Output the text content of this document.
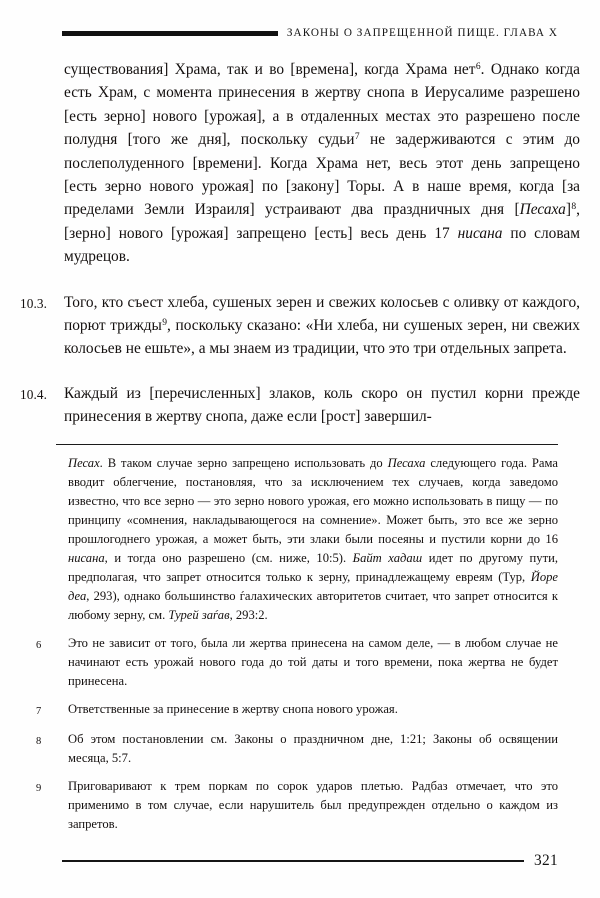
ЗАКОНЫ О ЗАПРЕЩЕННОЙ ПИЩЕ. ГЛАВА X
существования] Храма, так и во [времена], когда Храма нет$^6$. Однако когда есть Храм, с момента принесения в жертву снопа в Иерусалиме разрешено [есть зерно] нового [урожая], а в отдаленных местах это разрешено после полудня [того же дня], поскольку судьи$^7$ не задерживаются с этим до послеполуденного [времени]. Когда Храма нет, весь этот день запрещено [есть зерно нового урожая] по [закону] Торы. А в наше время, когда [за пределами Земли Израиля] устраивают два праздничных дня [Песаха]$^8$, [зерно] нового [урожая] запрещено [есть] весь день 17 нисана по словам мудрецов.
10.3.	Того, кто съест хлеба, сушеных зерен и свежих колосьев с оливку от каждого, порют трижды$^9$, поскольку сказано: «Ни хлеба, ни сушеных зерен, ни свежих колосьев не ешьте», а мы знаем из традиции, что это три отдельных запрета.
10.4.	Каждый из [перечисленных] злаков, коль скоро он пустил корни прежде принесения в жертву снопа, даже если [рост] завершил-
Песах. В таком случае зерно запрещено использовать до Песаха следующего года. Рама вводит облегчение, постановляя, что за исключением тех случаев, когда заведомо известно, что все зерно — это зерно нового урожая, его можно использовать в пищу — по принципу «сомнения, накладывающегося на сомнение». Может быть, это все же зерно прошлогоднего урожая, а может быть, эти злаки были посеяны и пустили корни до 16 нисана, и тогда оно разрешено (см. ниже, 10:5). Байт хадаш идет по другому пути, предполагая, что запрет относится только к зерну, принадлежащему евреям (Тур, Йоре деа, 293), однако большинство ѓалахических авторитетов считает, что запрет относится к любому зерну, см. Турей заѓав, 293:2.
6	Это не зависит от того, была ли жертва принесена на самом деле, — в любом случае не начинают есть урожай нового года до той даты и того времени, пока жертва не будет принесена.
7	Ответственные за принесение в жертву снопа нового урожая.
8	Об этом постановлении см. Законы о праздничном дне, 1:21; Законы об освящении месяца, 5:7.
9	Приговаривают к трем поркам по сорок ударов плетью. Радбаз отмечает, что это применимо в том случае, если нарушитель был предупрежден отдельно о каждом из запретов.
321
